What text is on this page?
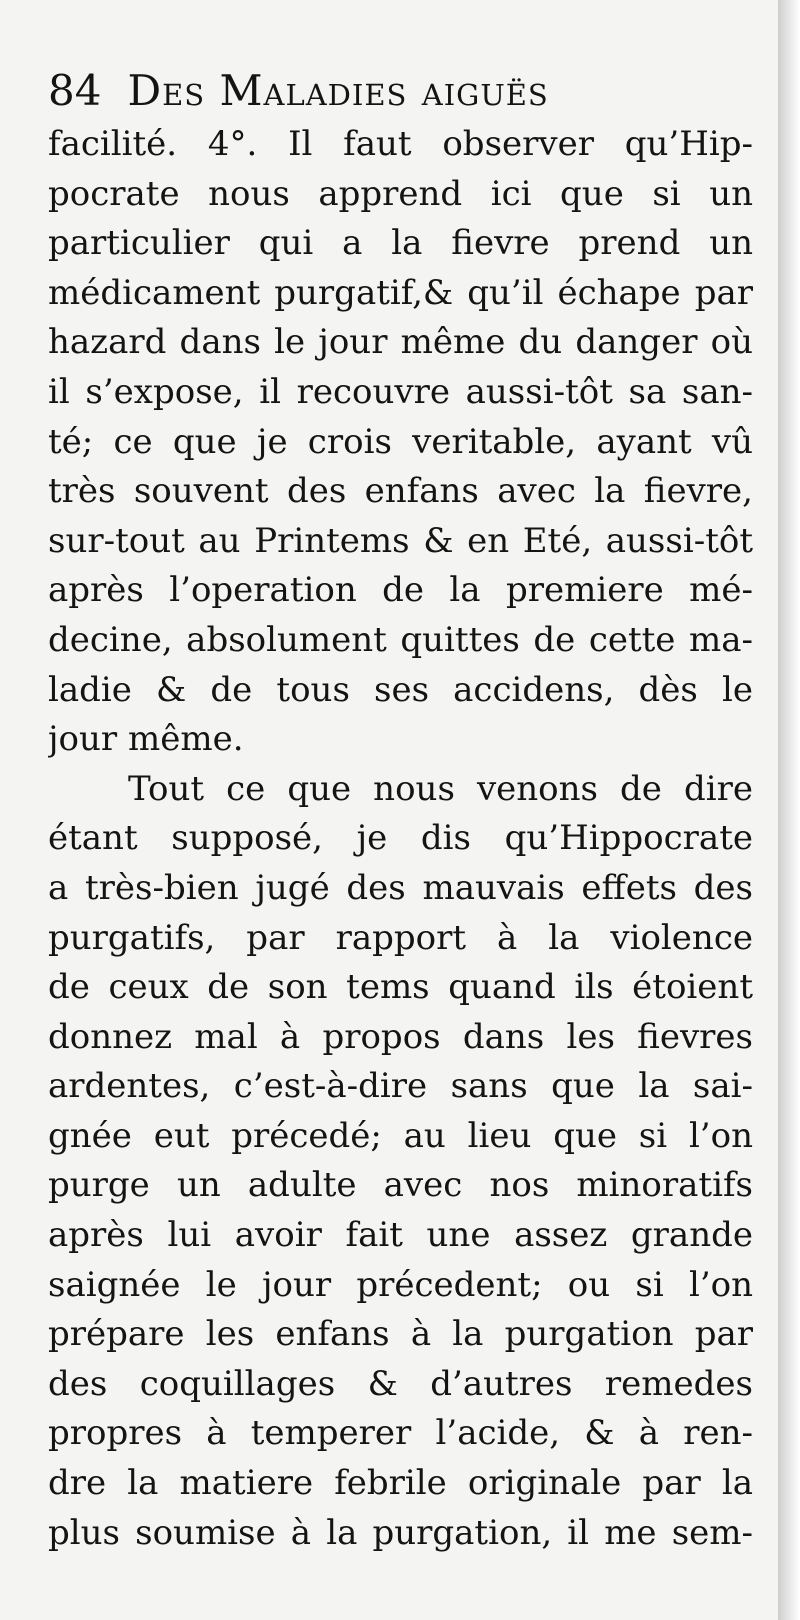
84 Des Maladies aiguës
facilité. 4°. Il faut observer qu’Hip-
pocrate nous apprend ici que si un
particulier qui a la fievre prend un
médicament purgatif,& qu’il échape par
hazard dans le jour même du danger où
il s’expose, il recouvre aussi-tôt sa san-
té; ce que je crois veritable, ayant vû
très souvent des enfans avec la fievre,
sur-tout au Printems & en Eté, aussi-tôt
après l’operation de la premiere mé-
decine, absolument quittes de cette ma-
ladie & de tous ses accidens, dès le
jour même.
Tout ce que nous venons de dire
étant supposé, je dis qu’Hippocrate
a très-bien jugé des mauvais effets des
purgatifs, par rapport à la violence
de ceux de son tems quand ils étoient
donnez mal à propos dans les fievres
ardentes, c’est-à-dire sans que la sai-
gnée eut précedé; au lieu que si l’on
purge un adulte avec nos minoratifs
après lui avoir fait une assez grande
saignée le jour précedent; ou si l’on
prépare les enfans à la purgation par
des coquillages & d’autres remedes
propres à temperer l’acide, & à ren-
dre la matiere febrile originale par la
plus soumise à la purgation, il me sem-
